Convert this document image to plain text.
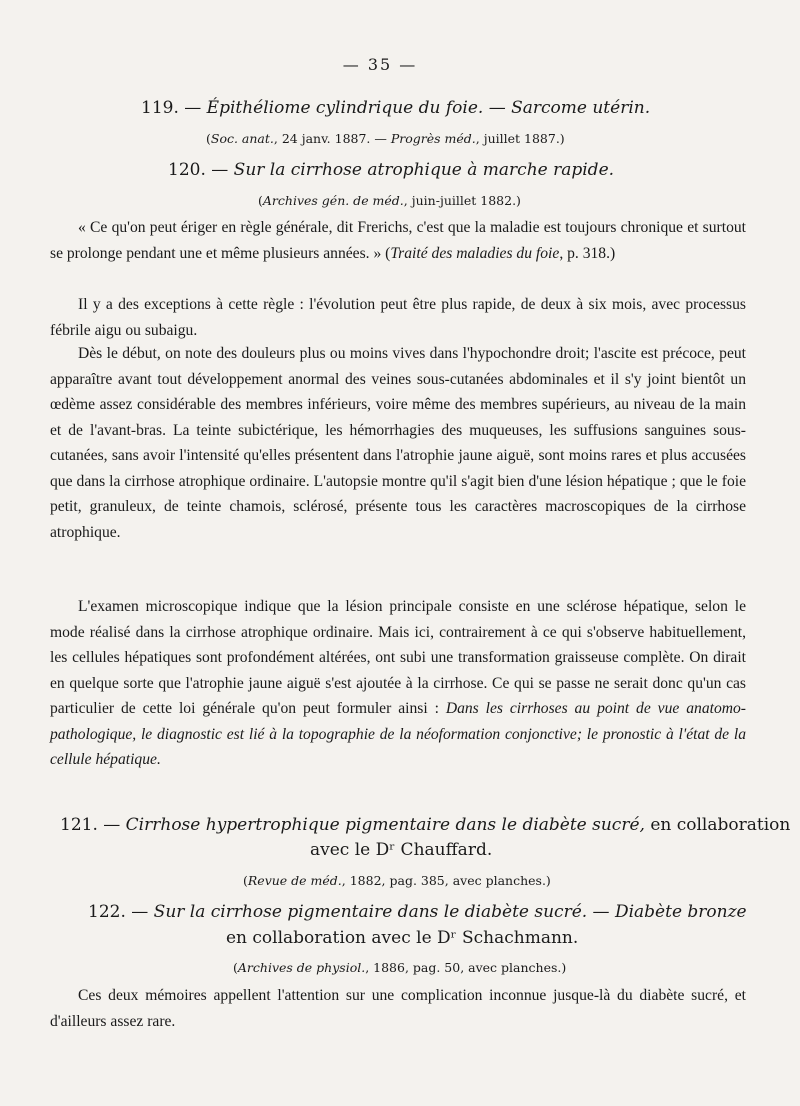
— 35 —
119. — Épithéliome cylindrique du foie. — Sarcome utérin.
(Soc. anat., 24 janv. 1887. — Progrès méd., juillet 1887.)
120. — Sur la cirrhose atrophique à marche rapide.
(Archives gén. de méd., juin-juillet 1882.)
« Ce qu'on peut ériger en règle générale, dit Frerichs, c'est que la maladie est toujours chronique et surtout se prolonge pendant une et même plusieurs années. » (Traité des maladies du foie, p. 318.)
Il y a des exceptions à cette règle : l'évolution peut être plus rapide, de deux à six mois, avec processus fébrile aigu ou subaigu.
Dès le début, on note des douleurs plus ou moins vives dans l'hypochondre droit; l'ascite est précoce, peut apparaître avant tout développement anormal des veines sous-cutanées abdominales et il s'y joint bientôt un œdème assez considérable des membres inférieurs, voire même des membres supérieurs, au niveau de la main et de l'avant-bras. La teinte subictérique, les hémorrhagies des muqueuses, les suffusions sanguines sous-cutanées, sans avoir l'intensité qu'elles présentent dans l'atrophie jaune aiguë, sont moins rares et plus accusées que dans la cirrhose atrophique ordinaire. L'autopsie montre qu'il s'agit bien d'une lésion hépatique ; que le foie petit, granuleux, de teinte chamois, sclérosé, présente tous les caractères macroscopiques de la cirrhose atrophique.
L'examen microscopique indique que la lésion principale consiste en une sclérose hépatique, selon le mode réalisé dans la cirrhose atrophique ordinaire. Mais ici, contrairement à ce qui s'observe habituellement, les cellules hépatiques sont profondément altérées, ont subi une transformation graisseuse complète. On dirait en quelque sorte que l'atrophie jaune aiguë s'est ajoutée à la cirrhose. Ce qui se passe ne serait donc qu'un cas particulier de cette loi générale qu'on peut formuler ainsi : Dans les cirrhoses au point de vue anatomo-pathologique, le diagnostic est lié à la topographie de la néoformation conjonctive; le pronostic à l'état de la cellule hépatique.
121. — Cirrhose hypertrophique pigmentaire dans le diabète sucré, en collaboration
avec le Dʳ Chauffard.
(Revue de méd., 1882, pag. 385, avec planches.)
122. — Sur la cirrhose pigmentaire dans le diabète sucré. — Diabète bronze
en collaboration avec le Dʳ Schachmann.
(Archives de physiol., 1886, pag. 50, avec planches.)
Ces deux mémoires appellent l'attention sur une complication inconnue jusque-là du diabète sucré, et d'ailleurs assez rare.
